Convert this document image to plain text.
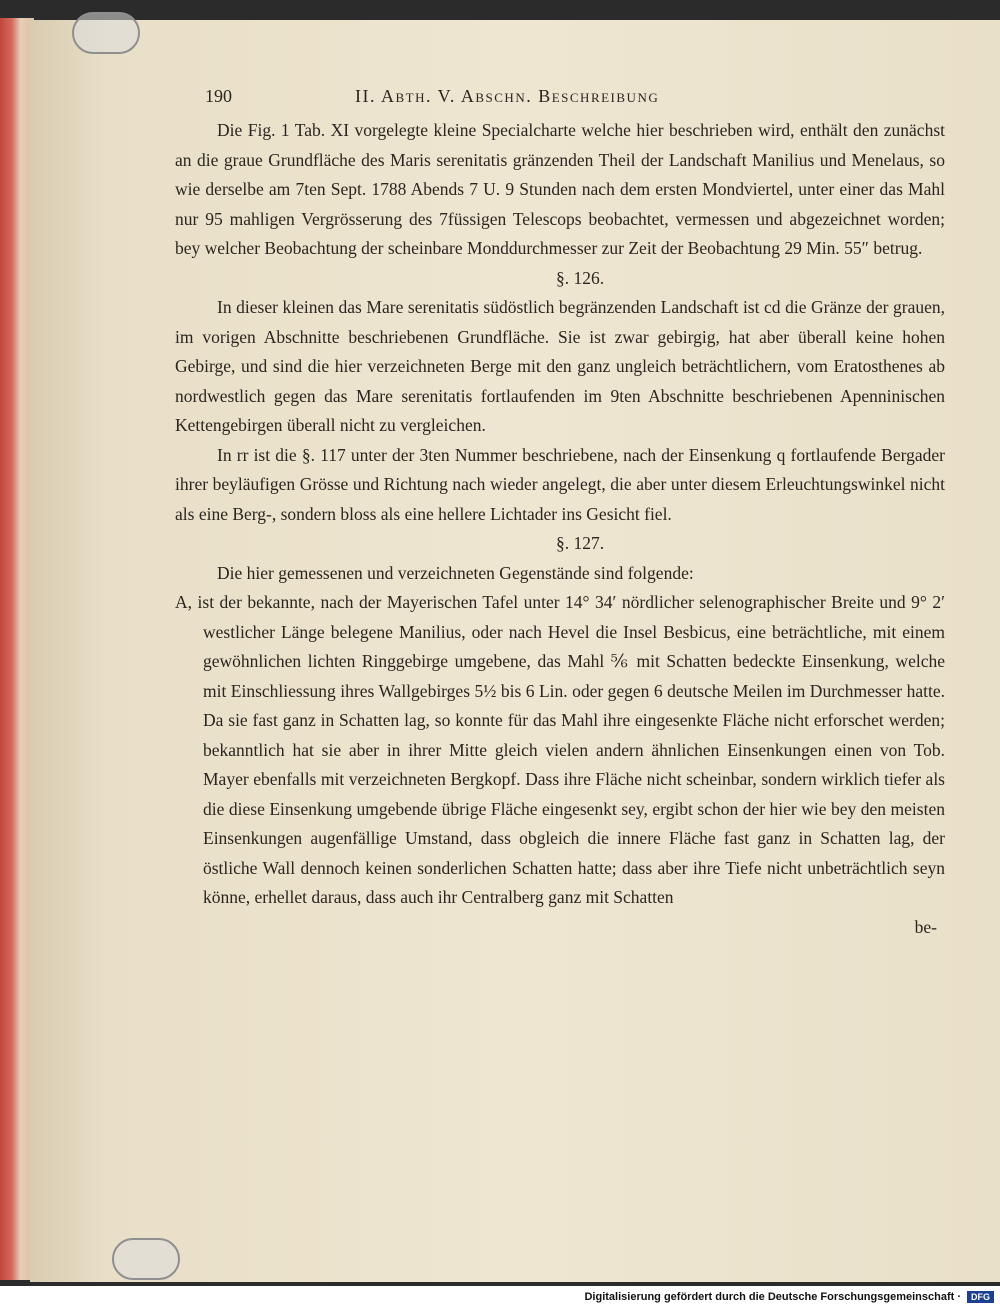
190	II. Abth. V. Abschn. Beschreibung

Die Fig. 1 Tab. XI vorgelegte kleine Specialcharte welche hier beschrieben wird, enthält den zunächst an die graue Grundfläche des Maris serenitatis gränzenden Theil der Landschaft Manilius und Menelaus, so wie derselbe am 7ten Sept. 1788 Abends 7 U. 9 Stunden nach dem ersten Mondviertel, unter einer das Mahl nur 95 mahligen Vergrösserung des 7füssigen Telescops beobachtet, vermessen und abgezeichnet worden; bey welcher Beobachtung der scheinbare Monddurchmesser zur Zeit der Beobachtung 29 Min. 55″ betrug.

§. 126.

In dieser kleinen das Mare serenitatis südöstlich begränzenden Landschaft ist cd die Gränze der grauen, im vorigen Abschnitte beschriebenen Grundfläche. Sie ist zwar gebirgig, hat aber überall keine hohen Gebirge, und sind die hier verzeichneten Berge mit den ganz ungleich beträchtlichern, vom Eratosthenes ab nordwestlich gegen das Mare serenitatis fortlaufenden im 9ten Abschnitte beschriebenen Apenninischen Kettengebirgen überall nicht zu vergleichen.

In rr ist die §. 117 unter der 3ten Nummer beschriebene, nach der Einsenkung q fortlaufende Bergader ihrer beyläufigen Grösse und Richtung nach wieder angelegt, die aber unter diesem Erleuchtungswinkel nicht als eine Berg-, sondern bloss als eine hellere Lichtader ins Gesicht fiel.

§. 127.

Die hier gemessenen und verzeichneten Gegenstände sind folgende:

A, ist der bekannte, nach der Mayerischen Tafel unter 14° 34′ nördlicher selenographischer Breite und 9° 2′ westlicher Länge belegene Manilius, oder nach Hevel die Insel Besbicus, eine beträchtliche, mit einem gewöhnlichen lichten Ringgebirge umgebene, das Mahl ⅚ mit Schatten bedeckte Einsenkung, welche mit Einschliessung ihres Wallgebirges 5½ bis 6 Lin. oder gegen 6 deutsche Meilen im Durchmesser hatte. Da sie fast ganz in Schatten lag, so konnte für das Mahl ihre eingesenkte Fläche nicht erforschet werden; bekanntlich hat sie aber in ihrer Mitte gleich vielen andern ähnlichen Einsenkungen einen von Tob. Mayer ebenfalls mit verzeichneten Bergkopf. Dass ihre Fläche nicht scheinbar, sondern wirklich tiefer als die diese Einsenkung umgebende übrige Fläche eingesenkt sey, ergibt schon der hier wie bey den meisten Einsenkungen augenfällige Umstand, dass obgleich die innere Fläche fast ganz in Schatten lag, der östliche Wall dennoch keinen sonderlichen Schatten hatte; dass aber ihre Tiefe nicht unbeträchtlich seyn könne, erhellet daraus, dass auch ihr Centralberg ganz mit Schatten

be-
Digitalisierung gefördert durch die Deutsche Forschungsgemeinschaft ·	DFG
